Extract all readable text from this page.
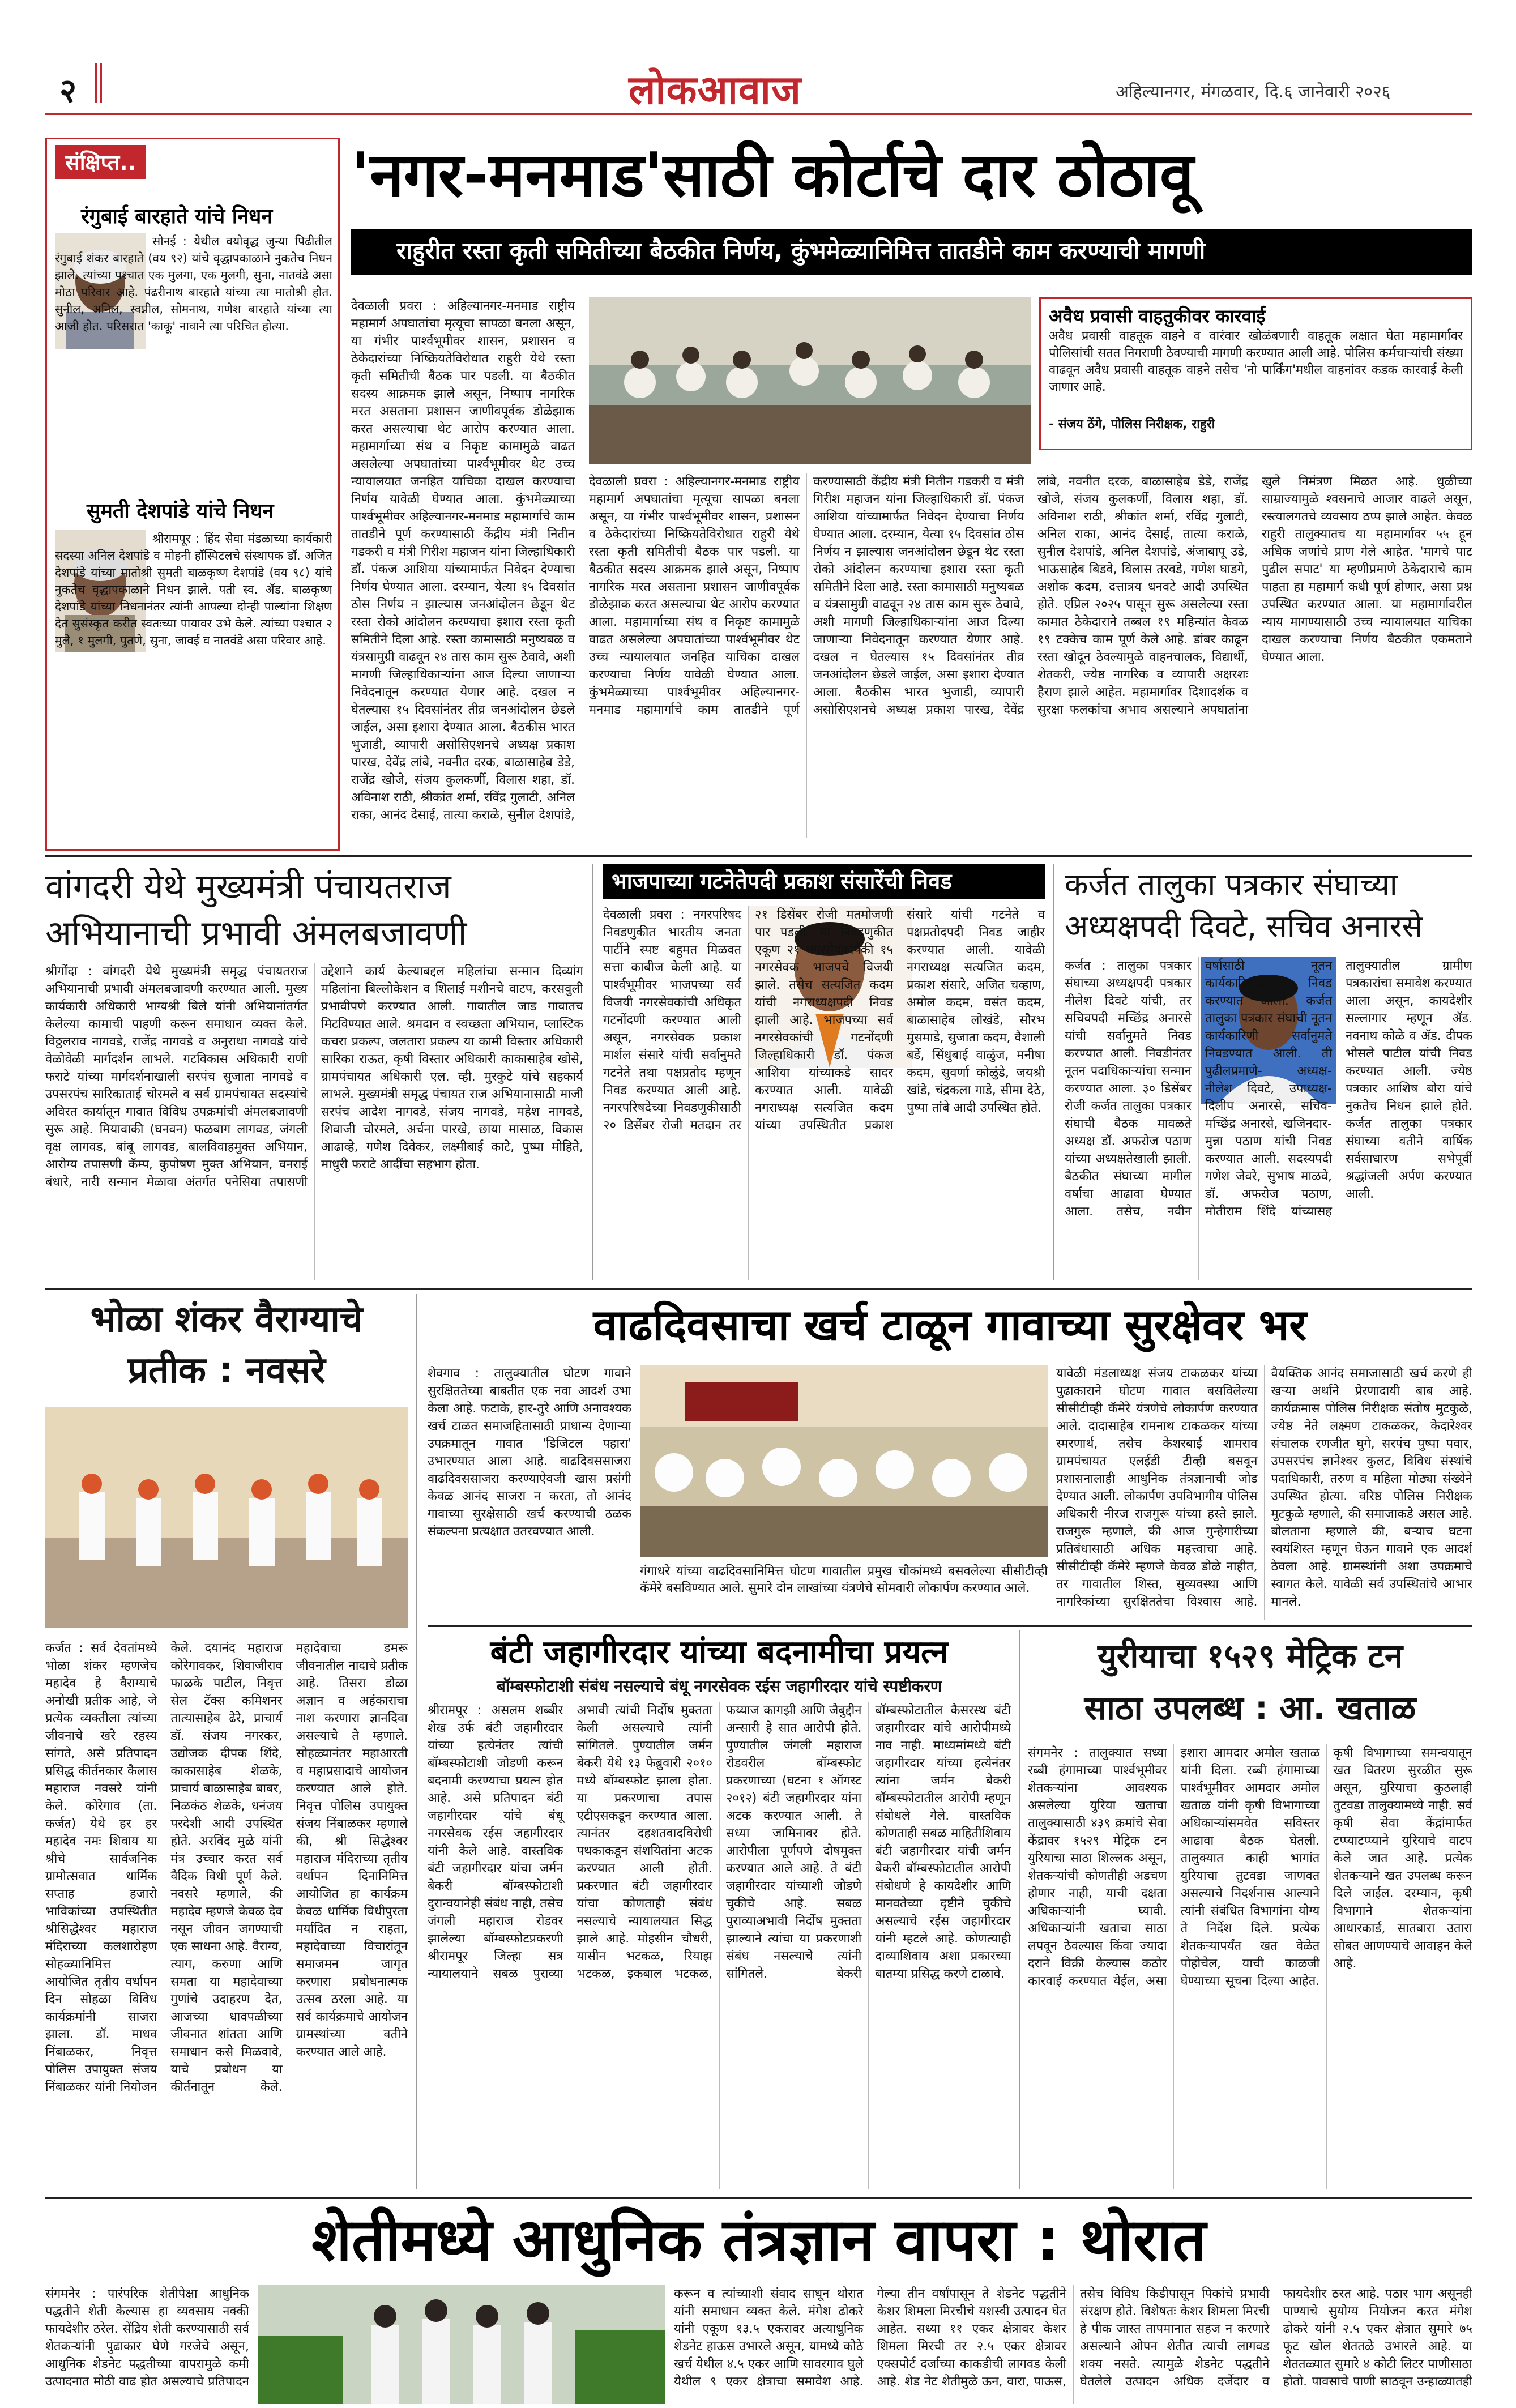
२	लोकआवाज	अहिल्यानगर, मंगळवार, दि.६ जानेवारी २०२६
संक्षिप्त..
रंगुबाई बारहाते यांचे निधन
सोनई : येथील वयोवृद्ध जुन्या पिढीतील रंगुबाई शंकर बारहाते (वय ९२) यांचे वृद्धापकाळाने नुकतेच निधन झाले. त्यांच्या पश्चात एक मुलगा, एक मुलगी, सुना, नातवंडे असा मोठा परिवार आहे. पंढरीनाथ बारहाते यांच्या त्या मातोश्री होत. सुनील, अनिल, स्वप्नील, सोमनाथ, गणेश बारहाते यांच्या त्या आजी होत. परिसरात 'काकू' नावाने त्या परिचित होत्या.
सुमती देशपांडे यांचे निधन
श्रीरामपूर : हिंद सेवा मंडळाच्या कार्यकारी सदस्या अनिल देशपांडे व मोहनी हॉस्पिटलचे संस्थापक डॉ. अजित देशपांडे यांच्या मातोश्री सुमती बाळकृष्ण देशपांडे (वय ९८) यांचे नुकतेच वृद्धापकाळाने निधन झाले. पती स्व. ॲड. बाळकृष्ण देशपांडे यांच्या निधनानंतर त्यांनी आपल्या दोन्ही पाल्यांना शिक्षण देत सुसंस्कृत करीत स्वतःच्या पायावर उभे केले. त्यांच्या पश्चात २ मुले, १ मुलगी, पुतणे, सुना, जावई व नातवंडे असा परिवार आहे.
'नगर-मनमाड'साठी कोर्टाचे दार ठोठावू
राहुरीत रस्ता कृती समितीच्या बैठकीत निर्णय, कुंभमेळ्यानिमित्त तातडीने काम करण्याची मागणी
देवळाली प्रवरा : अहिल्यानगर-मनमाड राष्ट्रीय महामार्ग अपघातांचा मृत्यूचा सापळा बनला असून, या गंभीर पार्श्वभूमीवर शासन, प्रशासन व ठेकेदारांच्या निष्क्रियतेविरोधात राहुरी येथे रस्ता कृती समितीची बैठक पार पडली. या बैठकीत सदस्य आक्रमक झाले असून, निष्पाप नागरिक मरत असताना प्रशासन जाणीवपूर्वक डोळेझाक करत असल्याचा थेट आरोप करण्यात आला. महामार्गाच्या संथ व निकृष्ट कामामुळे वाढत असलेल्या अपघातांच्या पार्श्वभूमीवर थेट उच्च न्यायालयात जनहित याचिका दाखल करण्याचा निर्णय यावेळी घेण्यात आला. कुंभमेळ्याच्या पार्श्वभूमीवर अहिल्यानगर-मनमाड महामार्गाचे काम तातडीने पूर्ण करण्यासाठी केंद्रीय मंत्री नितीन गडकरी व मंत्री गिरीश महाजन यांना जिल्हाधिकारी डॉ. पंकज आशिया यांच्यामार्फत निवेदन देण्याचा निर्णय घेण्यात आला. दरम्यान, येत्या १५ दिवसांत ठोस निर्णय न झाल्यास जनआंदोलन छेडून थेट रस्ता रोको आंदोलन करण्याचा इशारा रस्ता कृती समितीने दिला आहे. रस्ता कामासाठी मनुष्यबळ व यंत्रसामुग्री वाढवून २४ तास काम सुरू ठेवावे, अशी मागणी जिल्हाधिकाऱ्यांना आज दिल्या जाणाऱ्या निवेदनातून करण्यात येणार आहे. दखल न घेतल्यास १५ दिवसांनंतर तीव्र जनआंदोलन छेडले जाईल, असा इशारा देण्यात आला. बैठकीस भारत भुजाडी, व्यापारी असोसिएशनचे अध्यक्ष प्रकाश पारख, देवेंद्र लांबे, नवनीत दरक, बाळासाहेब डेडे, राजेंद्र खोजे, संजय कुलकर्णी, विलास शहा, डॉ. अविनाश राठी, श्रीकांत शर्मा, रविंद्र गुलाटी, अनिल राका, आनंद देसाई, तात्या कराळे, सुनील देशपांडे,
देवळाली प्रवरा : अहिल्यानगर-मनमाड राष्ट्रीय महामार्ग अपघातांचा मृत्यूचा सापळा बनला असून, या गंभीर पार्श्वभूमीवर शासन, प्रशासन व ठेकेदारांच्या निष्क्रियतेविरोधात राहुरी येथे रस्ता कृती समितीची बैठक पार पडली. या बैठकीत सदस्य आक्रमक झाले असून, निष्पाप नागरिक मरत असताना प्रशासन जाणीवपूर्वक डोळेझाक करत असल्याचा थेट आरोप करण्यात आला. महामार्गाच्या संथ व निकृष्ट कामामुळे वाढत असलेल्या अपघातांच्या पार्श्वभूमीवर थेट उच्च न्यायालयात जनहित याचिका दाखल करण्याचा निर्णय यावेळी घेण्यात आला. कुंभमेळ्याच्या पार्श्वभूमीवर अहिल्यानगर-मनमाड महामार्गाचे काम तातडीने पूर्ण करण्यासाठी केंद्रीय मंत्री नितीन गडकरी व मंत्री गिरीश महाजन यांना जिल्हाधिकारी डॉ. पंकज आशिया यांच्यामार्फत निवेदन देण्याचा निर्णय घेण्यात आला. दरम्यान, येत्या १५ दिवसांत ठोस निर्णय न झाल्यास जनआंदोलन छेडून थेट रस्ता रोको आंदोलन करण्याचा इशारा रस्ता कृती समितीने दिला आहे. रस्ता कामासाठी मनुष्यबळ व यंत्रसामुग्री वाढवून २४ तास काम सुरू ठेवावे, अशी मागणी जिल्हाधिकाऱ्यांना आज दिल्या जाणाऱ्या निवेदनातून करण्यात येणार आहे. दखल न घेतल्यास १५ दिवसांनंतर तीव्र जनआंदोलन छेडले जाईल, असा इशारा देण्यात आला. बैठकीस भारत भुजाडी, व्यापारी असोसिएशनचे अध्यक्ष प्रकाश पारख, देवेंद्र लांबे, नवनीत दरक, बाळासाहेब डेडे, राजेंद्र खोजे, संजय कुलकर्णी, विलास शहा, डॉ. अविनाश राठी, श्रीकांत शर्मा, रविंद्र गुलाटी, अनिल राका, आनंद देसाई, तात्या कराळे, सुनील देशपांडे, अनिल देशपांडे, अंजाबापू उडे, भाऊसाहेब बिडवे, विलास तरवडे, गणेश घाडगे, अशोक कदम, दत्तात्रय धनवटे आदी उपस्थित होते. एप्रिल २०२५ पासून सुरू असलेल्या रस्ता कामात ठेकेदाराने तब्बल १९ महिन्यांत केवळ १९ टक्केच काम पूर्ण केले आहे. डांबर काढून रस्ता खोदून ठेवल्यामुळे वाहनचालक, विद्यार्थी, शेतकरी, ज्येष्ठ नागरिक व व्यापारी अक्षरशः हैराण झाले आहेत. महामार्गावर दिशादर्शक व सुरक्षा फलकांचा अभाव असल्याने अपघातांना खुले निमंत्रण मिळत आहे. धुळीच्या साम्राज्यामुळे श्वसनाचे आजार वाढले असून, रस्त्यालगतचे व्यवसाय ठप्प झाले आहेत. केवळ राहुरी तालुक्यातच या महामार्गावर ५५ हून अधिक जणांचे प्राण गेले आहेत. 'मागचे पाट पुढील सपाट' या म्हणीप्रमाणे ठेकेदाराचे काम पाहता हा महामार्ग कधी पूर्ण होणार, असा प्रश्न उपस्थित करण्यात आला. या महामार्गावरील न्याय मागण्यासाठी उच्च न्यायालयात याचिका दाखल करण्याचा निर्णय बैठकीत एकमताने घेण्यात आला.
अवैध प्रवासी वाहतुकीवर कारवाई
अवैध प्रवासी वाहतूक वाहने व वारंवार खोळंबणारी वाहतूक लक्षात घेता महामार्गावर पोलिसांची सतत निगराणी ठेवण्याची मागणी करण्यात आली आहे. पोलिस कर्मचाऱ्यांची संख्या वाढवून अवैध प्रवासी वाहतूक वाहने तसेच 'नो पार्किंग'मधील वाहनांवर कडक कारवाई केली जाणार आहे.
- संजय ठेंगे, पोलिस निरीक्षक, राहुरी
वांगदरी येथे मुख्यमंत्री पंचायतराज
अभियानाची प्रभावी अंमलबजावणी
श्रीगोंदा : वांगदरी येथे मुख्यमंत्री समृद्ध पंचायतराज अभियानाची प्रभावी अंमलबजावणी करण्यात आली. मुख्य कार्यकारी अधिकारी भाग्यश्री बिले यांनी अभियानांतर्गत केलेल्या कामाची पाहणी करून समाधान व्यक्त केले. विठ्ठलराव नागवडे, राजेंद्र नागवडे व अनुराधा नागवडे यांचे वेळोवेळी मार्गदर्शन लाभले. गटविकास अधिकारी राणी फराटे यांच्या मार्गदर्शनाखाली सरपंच सुजाता नागवडे व उपसरपंच सारिकाताई चोरमले व सर्व ग्रामपंचायत सदस्यांचे अविरत कार्यातून गावात विविध उपक्रमांची अंमलबजावणी सुरू आहे. मियावाकी (घनवन) फळबाग लागवड, जंगली वृक्ष लागवड, बांबू लागवड, बालविवाहमुक्त अभियान, आरोग्य तपासणी कॅम्प, कुपोषण मुक्त अभियान, वनराई बंधारे, नारी सन्मान मेळावा अंतर्गत पनेसिया तपासणी उद्देशाने कार्य केल्याबद्दल महिलांचा सन्मान दिव्यांग महिलांना बिल्लोकेशन व शिलाई मशीनचे वाटप, करसवुली प्रभावीपणे करण्यात आली. गावातील जाड गावातच मिटविण्यात आले. श्रमदान व स्वच्छता अभियान, प्लास्टिक कचरा प्रकल्प, जलतारा प्रकल्प या कामी विस्तार अधिकारी सारिका राऊत, कृषी विस्तार अधिकारी काकासाहेब खोसे, ग्रामपंचायत अधिकारी एल. व्ही. मुरकुटे यांचे सहकार्य लाभले. मुख्यमंत्री समृद्ध पंचायत राज अभियानासाठी माजी सरपंच आदेश नागवडे, संजय नागवडे, महेश नागवडे, शिवाजी चोरमले, अर्चना पारखे, छाया मासाळ, विकास आढाव्हे, गणेश दिवेकर, लक्ष्मीबाई काटे, पुष्पा मोहिते, माधुरी फराटे आदींचा सहभाग होता.
भाजपाच्या गटनेतेपदी प्रकाश संसारेंची निवड
देवळाली प्रवरा : नगरपरिषद निवडणुकीत भारतीय जनता पार्टीने स्पष्ट बहुमत मिळवत सत्ता काबीज केली आहे. या पार्श्वभूमीवर भाजपच्या सर्व विजयी नगरसेवकांची अधिकृत गटनोंदणी करण्यात आली असून, नगरसेवक प्रकाश मार्शल संसारे यांची सर्वानुमते गटनेते तथा पक्षप्रतोद म्हणून निवड करण्यात आली आहे. नगरपरिषदेच्या निवडणुकीसाठी २० डिसेंबर रोजी मतदान तर २१ डिसेंबर रोजी मतमोजणी पार पडली. या निवडणुकीत एकूण २१ नगरसेवकांपैकी १५ नगरसेवक भाजपचे विजयी झाले. तसेच सत्यजित कदम यांची नगराध्यक्षपदी निवड झाली आहे. भाजपच्या सर्व नगरसेवकांची गटनोंदणी जिल्हाधिकारी डॉ. पंकज आशिया यांच्याकडे सादर करण्यात आली. यावेळी नगराध्यक्ष सत्यजित कदम यांच्या उपस्थितीत प्रकाश संसारे यांची गटनेते व पक्षप्रतोदपदी निवड जाहीर करण्यात आली. यावेळी नगराध्यक्ष सत्यजित कदम, प्रकाश संसारे, अजित चव्हाण, अमोल कदम, वसंत कदम, बाळासाहेब लोखंडे, सौरभ मुसमाडे, सुजाता कदम, वैशाली बर्डे, सिंधुबाई वाळुंज, मनीषा कदम, सुवर्णा कोळुंडे, जयश्री खांडे, चंद्रकला गाडे, सीमा देठे, पुष्पा तांबे आदी उपस्थित होते.
कर्जत तालुका पत्रकार संघाच्या
अध्यक्षपदी दिवटे, सचिव अनारसे
कर्जत : तालुका पत्रकार संघाच्या अध्यक्षपदी पत्रकार नीलेश दिवटे यांची, तर सचिवपदी मच्छिंद्र अनारसे यांची सर्वानुमते निवड करण्यात आली. निवडीनंतर नूतन पदाधिकाऱ्यांचा सन्मान करण्यात आला. ३० डिसेंबर रोजी कर्जत तालुका पत्रकार संघाची बैठक मावळते अध्यक्ष डॉ. अफरोज पठाण यांच्या अध्यक्षतेखाली झाली. बैठकीत संघाच्या मागील वर्षाचा आढावा घेण्यात आला. तसेच, नवीन वर्षासाठी नूतन कार्यकारिणीची निवड करण्यात आली. कर्जत तालुका पत्रकार संघाची नूतन कार्यकारिणी सर्वानुमते निवडण्यात आली. ती पुढीलप्रमाणे- अध्यक्ष- नीलेश दिवटे, उपाध्यक्ष- दिलीप अनारसे, सचिव- मच्छिंद्र अनारसे, खजिनदार- मुन्ना पठाण यांची निवड करण्यात आली. सदस्यपदी गणेश जेवरे, सुभाष माळवे, डॉ. अफरोज पठाण, मोतीराम शिंदे यांच्यासह तालुक्यातील ग्रामीण पत्रकारांचा समावेश करण्यात आला असून, कायदेशीर सल्लागार म्हणून ॲड. नवनाथ कोळे व ॲड. दीपक भोसले पाटील यांची निवड करण्यात आली. ज्येष्ठ पत्रकार आशिष बोरा यांचे नुकतेच निधन झाले होते. कर्जत तालुका पत्रकार संघाच्या वतीने वार्षिक सर्वसाधारण सभेपूर्वी श्रद्धांजली अर्पण करण्यात आली.
भोळा शंकर वैराग्याचे
प्रतीक : नवसरे
कर्जत : सर्व देवतांमध्ये भोळा शंकर म्हणजेच महादेव हे वैराग्याचे अनोखी प्रतीक आहे, जे प्रत्येक व्यक्तीला त्यांच्या जीवनाचे खरे रहस्य सांगते, असे प्रतिपादन प्रसिद्ध कीर्तनकार कैलास महाराज नवसरे यांनी केले. कोरेगाव (ता. कर्जत) येथे हर हर महादेव नमः शिवाय या श्रीचे सार्वजनिक ग्रामोत्सवात धार्मिक सप्ताह हजारो भाविकांच्या उपस्थितीत श्रीसिद्धेश्वर महाराज मंदिराच्या कलशारोहण सोहळ्यानिमित्त आयोजित तृतीय वर्धापन दिन सोहळा विविध कार्यक्रमांनी साजरा झाला. डॉ. माधव निंबाळकर, निवृत्त पोलिस उपायुक्त संजय निंबाळकर यांनी नियोजन केले. दयानंद महाराज कोरेगावकर, शिवाजीराव फाळके पाटील, निवृत्त सेल टॅक्स कमिशनर तात्यासाहेब ढेरे, प्राचार्य डॉ. संजय नगरकर, उद्योजक दीपक शिंदे, काकासाहेब शेळके, प्राचार्य बाळासाहेब बाबर, निळकंठ शेळके, धनंजय परदेशी आदी उपस्थित होते. अरविंद मुळे यांनी मंत्र उच्चार करत सर्व वैदिक विधी पूर्ण केले. नवसरे म्हणाले, की महादेव म्हणजे केवळ देव नसून जीवन जगण्याची एक साधना आहे. वैराग्य, त्याग, करुणा आणि समता या महादेवाच्या गुणांचे उदाहरण देत, आजच्या धावपळीच्या जीवनात शांतता आणि समाधान कसे मिळवावे, याचे प्रबोधन या कीर्तनातून केले. महादेवाचा डमरू जीवनातील नादाचे प्रतीक आहे. तिसरा डोळा अज्ञान व अहंकाराचा नाश करणारा ज्ञानदिवा असल्याचे ते म्हणाले. सोहळ्यानंतर महाआरती व महाप्रसादाचे आयोजन करण्यात आले होते. निवृत्त पोलिस उपायुक्त संजय निंबाळकर म्हणाले की, श्री सिद्धेश्वर महाराज मंदिराच्या तृतीय वर्धापन दिनानिमित्त आयोजित हा कार्यक्रम केवळ धार्मिक विधीपुरता मर्यादित न राहता, महादेवाच्या विचारांतून समाजमन जागृत करणारा प्रबोधनात्मक उत्सव ठरला आहे. या सर्व कार्यक्रमाचे आयोजन ग्रामस्थांच्या वतीने करण्यात आले आहे.
वाढदिवसाचा खर्च टाळून गावाच्या सुरक्षेवर भर
शेवगाव : तालुक्यातील घोटण गावाने सुरक्षिततेच्या बाबतीत एक नवा आदर्श उभा केला आहे. फटाके, हार-तुरे आणि अनावश्यक खर्च टाळत समाजहितासाठी प्राधान्य देणाऱ्या उपक्रमातून गावात 'डिजिटल पहारा' उभारण्यात आला आहे. वाढदिवससाजरा वाढदिवससाजरा करण्याऐवजी खास प्रसंगी केवळ आनंद साजरा न करता, तो आनंद गावाच्या सुरक्षेसाठी खर्च करण्याची ठळक संकल्पना प्रत्यक्षात उतरवण्यात आली.
गंगाधरे यांच्या वाढदिवसानिमित्त घोटण गावातील प्रमुख चौकांमध्ये बसवलेल्या सीसीटीव्ही कॅमेरे बसविण्यात आले. सुमारे दोन लाखांच्या यंत्रणेचे सोमवारी लोकार्पण करण्यात आले.
यावेळी मंडलाध्यक्ष संजय टाकळकर यांच्या पुढाकाराने घोटण गावात बसविलेल्या सीसीटीव्ही कॅमेरे यंत्रणेचे लोकार्पण करण्यात आले. दादासाहेब रामनाथ टाकळकर यांच्या स्मरणार्थ, तसेच केशरबाई शामराव ग्रामपंचायत एलईडी टीव्ही बसवून प्रशासनालाही आधुनिक तंत्रज्ञानाची जोड देण्यात आली. लोकार्पण उपविभागीय पोलिस अधिकारी नीरज राजगुरू यांच्या हस्ते झाले. राजगुरू म्हणाले, की आज गुन्हेगारीच्या प्रतिबंधासाठी अधिक महत्त्वाचा आहे. सीसीटीव्ही कॅमेरे म्हणजे केवळ डोळे नाहीत, तर गावातील शिस्त, सुव्यवस्था आणि नागरिकांच्या सुरक्षिततेचा विश्वास आहे. वैयक्तिक आनंद समाजासाठी खर्च करणे ही खऱ्या अर्थाने प्रेरणादायी बाब आहे. कार्यक्रमास पोलिस निरीक्षक संतोष मुटकुळे, ज्येष्ठ नेते लक्ष्मण टाकळकर, केदारेश्वर संचालक रणजीत घुगे, सरपंच पुष्पा पवार, उपसरपंच ज्ञानेश्वर कुलट, विविध संस्थांचे पदाधिकारी, तरुण व महिला मोठ्या संख्येने उपस्थित होत्या. वरिष्ठ पोलिस निरीक्षक मुटकुळे म्हणाले, की समाजाकडे असल आहे. बोलताना म्हणाले की, बऱ्याच घटना स्वयंशिस्त म्हणून घेऊन गावाने एक आदर्श ठेवला आहे. ग्रामस्थांनी अशा उपक्रमाचे स्वागत केले. यावेळी सर्व उपस्थितांचे आभार मानले.
बंटी जहागीरदार यांच्या बदनामीचा प्रयत्न
बॉम्बस्फोटाशी संबंध नसल्याचे बंधू नगरसेवक रईस जहागीरदार यांचे स्पष्टीकरण
श्रीरामपूर : असलम शब्बीर शेख उर्फ बंटी जहागीरदार यांच्या हत्येनंतर त्यांची बॉम्बस्फोटाशी जोडणी करून बदनामी करण्याचा प्रयत्न होत आहे. असे प्रतिपादन बंटी जहागीरदार यांचे बंधू नगरसेवक रईस जहागीरदार यांनी केले आहे. वास्तविक बंटी जहागीरदार यांचा जर्मन बेकरी बॉम्बस्फोटाशी दुरान्वयानेही संबंध नाही, तसेच जंगली महाराज रोडवर झालेल्या बॉम्बस्फोटप्रकरणी श्रीरामपूर जिल्हा सत्र न्यायालयाने सबळ पुराव्या अभावी त्यांची निर्दोष मुक्तता केली असल्याचे त्यांनी सांगितले. पुण्यातील जर्मन बेकरी येथे १३ फेब्रुवारी २०१० मध्ये बॉम्बस्फोट झाला होता. या प्रकरणाचा तपास एटीएसकडून करण्यात आला. त्यानंतर दहशतवादविरोधी पथकाकडून संशयितांना अटक करण्यात आली होती. प्रकरणात बंटी जहागीरदार यांचा कोणताही संबंध नसल्याचे न्यायालयात सिद्ध झाले आहे. मोहसीन चौधरी, यासीन भटकळ, रियाझ भटकळ, इकबाल भटकळ, फय्याज कागझी आणि जैबुद्दीन अन्सारी हे सात आरोपी होते. पुण्यातील जंगली महाराज रोडवरील बॉम्बस्फोट प्रकरणाच्या (घटना १ ऑगस्ट २०१२) बंटी जहागीरदार यांना अटक करण्यात आली. ते सध्या जामिनावर होते. आरोपीला पूर्णपणे दोषमुक्त करण्यात आले आहे. ते बंटी जहागीरदार यांच्याशी जोडणे चुकीचे आहे. सबळ पुराव्याअभावी निर्दोष मुक्तता झाल्याने त्यांचा या प्रकरणाशी संबंध नसल्याचे त्यांनी सांगितले. बेकरी बॉम्बस्फोटातील कैसरस्थ बंटी जहागीरदार यांचे आरोपीमध्ये नाव नाही. माध्यमांमध्ये बंटी जहागीरदार यांच्या हत्येनंतर त्यांना जर्मन बेकरी बॉम्बस्फोटातील आरोपी म्हणून संबोधले गेले. वास्तविक कोणताही सबळ माहितीशिवाय बंटी जहागीरदार यांची जर्मन बेकरी बॉम्बस्फोटातील आरोपी संबोधणे हे कायदेशीर आणि मानवतेच्या दृष्टीने चुकीचे असल्याचे रईस जहागीरदार यांनी म्हटले आहे. कोणत्याही दाव्याशिवाय अशा प्रकारच्या बातम्या प्रसिद्ध करणे टाळावे.
युरीयाचा १५२९ मेट्रिक टन
साठा उपलब्ध : आ. खताळ
संगमनेर : तालुक्यात सध्या रब्बी हंगामाच्या पार्श्वभूमीवर शेतकऱ्यांना आवश्यक असलेल्या युरिया खताचा तालुक्यासाठी ४३९ क्रमांचे सेवा केंद्रावर १५२९ मेट्रिक टन युरियाचा साठा शिल्लक असून, शेतकऱ्यांची कोणतीही अडचण होणार नाही, याची दक्षता अधिकाऱ्यांनी घ्यावी. अधिकाऱ्यांनी खताचा साठा लपवून ठेवल्यास किंवा ज्यादा दराने विक्री केल्यास कठोर कारवाई करण्यात येईल, असा इशारा आमदार अमोल खताळ यांनी दिला. रब्बी हंगामाच्या पार्श्वभूमीवर आमदार अमोल खताळ यांनी कृषी विभागाच्या अधिकाऱ्यांसमवेत सविस्तर आढावा बैठक घेतली. तालुक्यात काही भागांत युरियाचा तुटवडा जाणवत असल्याचे निदर्शनास आल्याने त्यांनी संबंधित विभागांना योग्य ते निर्देश दिले. प्रत्येक शेतकऱ्यापर्यंत खत वेळेत पोहोचेल, याची काळजी घेण्याच्या सूचना दिल्या आहेत. कृषी विभागाच्या समन्वयातून खत वितरण सुरळीत सुरू असून, युरियाचा कुठलाही तुटवडा तालुक्यामध्ये नाही. सर्व कृषी सेवा केंद्रांमार्फत टप्प्याटप्प्याने युरियाचे वाटप केले जात आहे. प्रत्येक शेतकऱ्याने खत उपलब्ध करून दिले जाईल. दरम्यान, कृषी विभागाने शेतकऱ्यांना आधारकार्ड, सातबारा उतारा सोबत आणण्याचे आवाहन केले आहे.
शेतीमध्ये आधुनिक तंत्रज्ञान वापरा : थोरात
संगमनेर : पारंपरिक शेतीपेक्षा आधुनिक पद्धतीने शेती केल्यास हा व्यवसाय नक्की फायदेशीर ठरेल. सेंद्रिय शेती करण्यासाठी सर्व शेतकऱ्यांनी पुढाकार घेणे गरजेचे असून, आधुनिक शेडनेट पद्धतीच्या वापरामुळे कमी उत्पादनात मोठी वाढ होत असल्याचे प्रतिपादन
करून व त्यांच्याशी संवाद साधून थोरात यांनी समाधान व्यक्त केले. मंगेश ढोकरे यांनी एकूण १३.५ एकरावर अत्याधुनिक शेडनेट हाऊस उभारले असून, यामध्ये कोठे खर्च येथील ४.५ एकर आणि सावरगाव घुले येथील ९ एकर क्षेत्राचा समावेश आहे. गेल्या तीन वर्षांपासून ते शेडनेट पद्धतीने केशर शिमला मिरचीचे यशस्वी उत्पादन घेत आहेत. सध्या ११ एकर क्षेत्रावर केशर शिमला मिरची तर २.५ एकर क्षेत्रावर एक्सपोर्ट दर्जाच्या काकडीची लागवड केली आहे. शेड नेट शेतीमुळे ऊन, वारा, पाऊस, तसेच विविध किडीपासून पिकांचे प्रभावी संरक्षण होते. विशेषतः केशर शिमला मिरची हे पीक जास्त तापमानात सहज न करणारे असल्याने ओपन शेतीत त्याची लागवड शक्य नसते. त्यामुळे शेडनेट पद्धतीने घेतलेले उत्पादन अधिक दर्जेदार व फायदेशीर ठरत आहे. पठार भाग असूनही पाण्याचे सुयोग्य नियोजन करत मंगेश ढोकरे यांनी २.५ एकर क्षेत्रात सुमारे ७५ फूट खोल शेततळे उभारले आहे. या शेततळ्यात सुमारे ४ कोटी लिटर पाणीसाठा होतो. पावसाचे पाणी साठवून उन्हाळ्यातही
